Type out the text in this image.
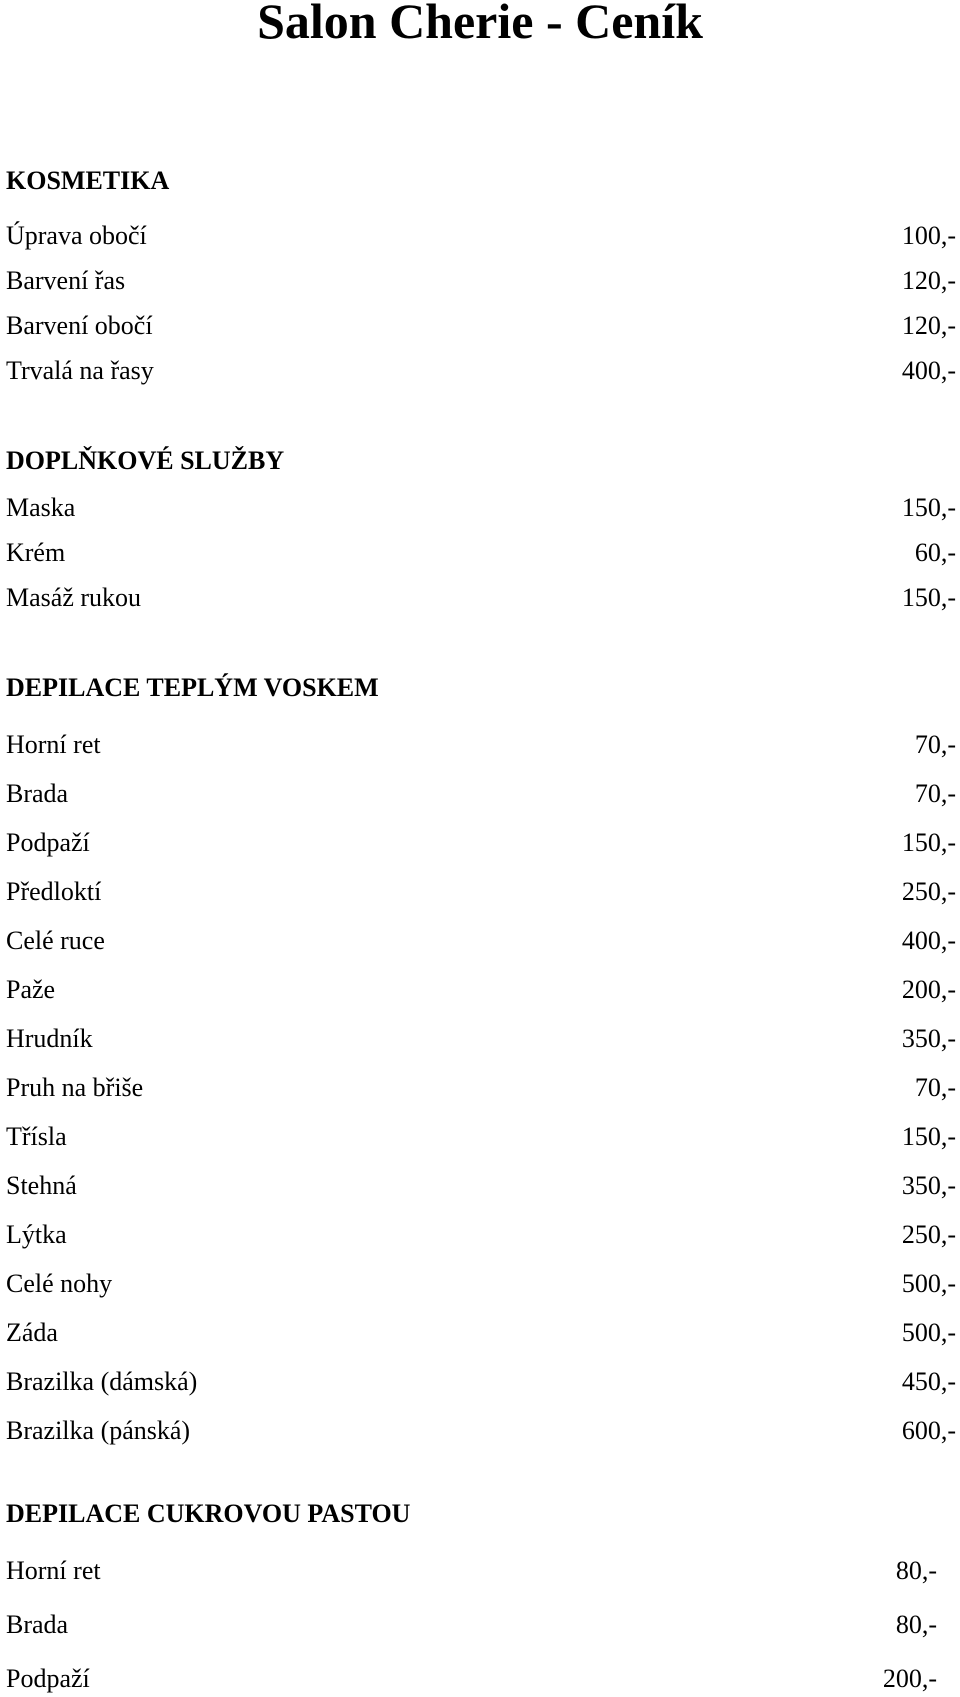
Salon Cherie - Ceník
KOSMETIKA
Úprava obočí	100,-
Barvení řas	120,-
Barvení obočí	120,-
Trvalá na řasy	400,-
DOPLŇKOVÉ SLUŽBY
Maska	150,-
Krém	60,-
Masáž rukou	150,-
DEPILACE TEPLÝM VOSKEM
Horní ret	70,-
Brada	70,-
Podpaží	150,-
Předloktí	250,-
Celé ruce	400,-
Paže	200,-
Hrudník	350,-
Pruh na břiše	70,-
Třísla	150,-
Stehná	350,-
Lýtka	250,-
Celé nohy	500,-
Záda	500,-
Brazilka (dámská)	450,-
Brazilka (pánská)	600,-
DEPILACE CUKROVOU PASTOU
Horní ret	80,-
Brada	80,-
Podpaží	200,-
